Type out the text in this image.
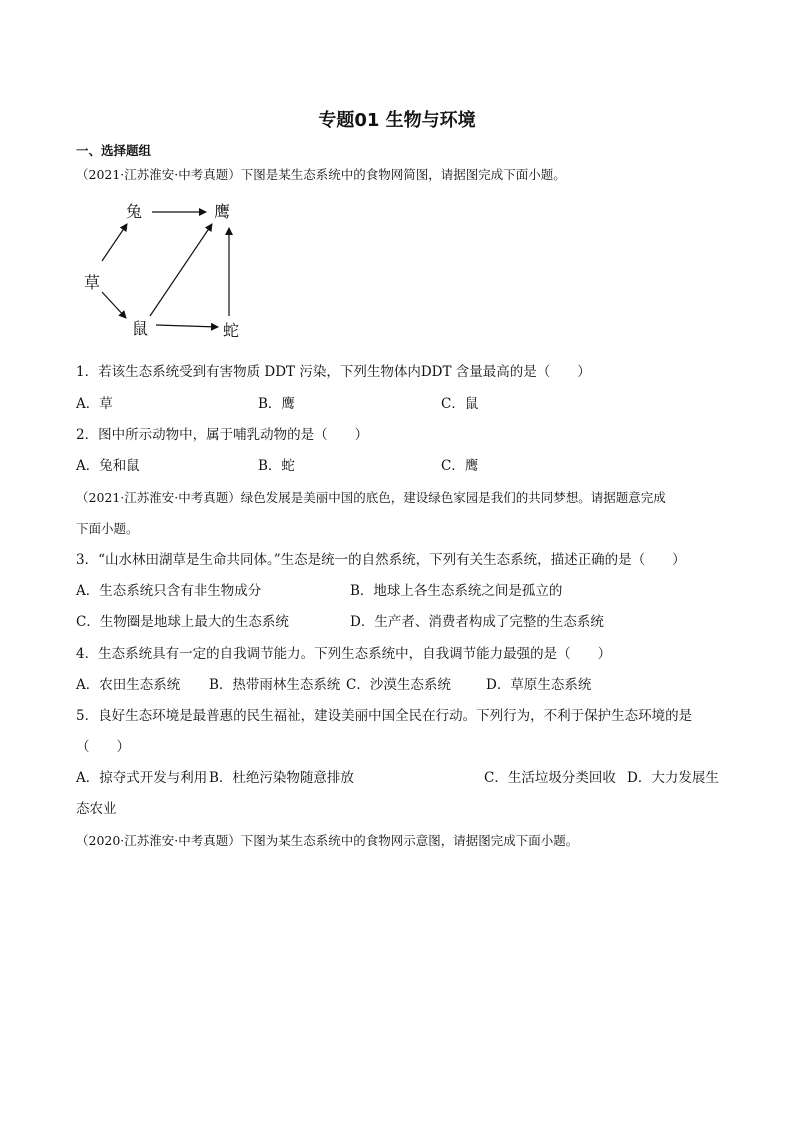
专题01 生物与环境
一、选择题组
（2021·江苏淮安·中考真题）下图是某生态系统中的食物网简图，请据图完成下面小题。
兔	鹰
草
鼠	蛇
1．若该生态系统受到有害物质 DDT 污染，下列生物体内DDT 含量最高的是（　　）
A．草	B．鹰	C．鼠
2．图中所示动物中，属于哺乳动物的是（　　）
A．兔和鼠	B．蛇	C．鹰
（2021·江苏淮安·中考真题）绿色发展是美丽中国的底色，建设绿色家园是我们的共同梦想。请据题意完成
下面小题。
3．“山水林田湖草是生命共同体。”生态是统一的自然系统，下列有关生态系统，描述正确的是（　　）
A．生态系统只含有非生物成分	B．地球上各生态系统之间是孤立的
C．生物圈是地球上最大的生态系统	D．生产者、消费者构成了完整的生态系统
4．生态系统具有一定的自我调节能力。下列生态系统中，自我调节能力最强的是（　　）
A．农田生态系统 B．热带雨林生态系统 C．沙漠生态系统	D．草原生态系统
5．良好生态环境是最普惠的民生福祉，建设美丽中国全民在行动。下列行为，不利于保护生态环境的是
（　　）
A．掠夺式开发与利用 B．杜绝污染物随意排放	C．生活垃圾分类回收 D．大力发展生
态农业
（2020·江苏淮安·中考真题）下图为某生态系统中的食物网示意图，请据图完成下面小题。
